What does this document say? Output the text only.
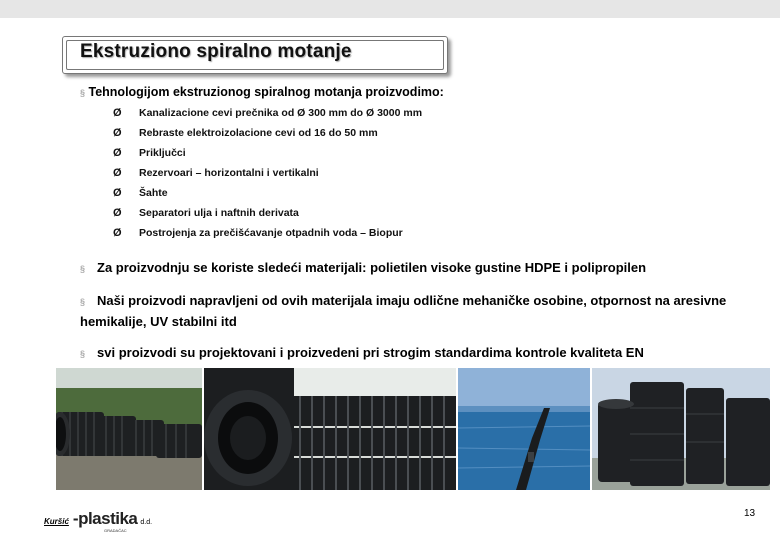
Ekstruziono spiralno motanje
§ Tehnologijom ekstruzionog spiralnog motanja proizvodimo:
Ø	Kanalizacione cevi prečnika od Ø 300 mm do Ø 3000 mm
Ø	Rebraste elektroizolacione cevi od 16 do 50 mm
Ø	Priključci
Ø	Rezervoari – horizontalni i vertikalni
Ø	Šahte
Ø	Separatori ulja i naftnih derivata
Ø	Postrojenja za prečišćavanje otpadnih voda – Biopur
§ Za proizvodnju se koriste sledeći materijali: polietilen visoke gustine HDPE i polipropilen
§ Naši proizvodi napravljeni od ovih materijala imaju odlične mehaničke osobine, otpornost na aresivne hemikalije, UV stabilni itd
§ svi proizvodi su projektovani i proizvedeni pri strogim standardima kontrole kvaliteta EN
Kuršić -plastika d.d.
GRADAČAC
13
